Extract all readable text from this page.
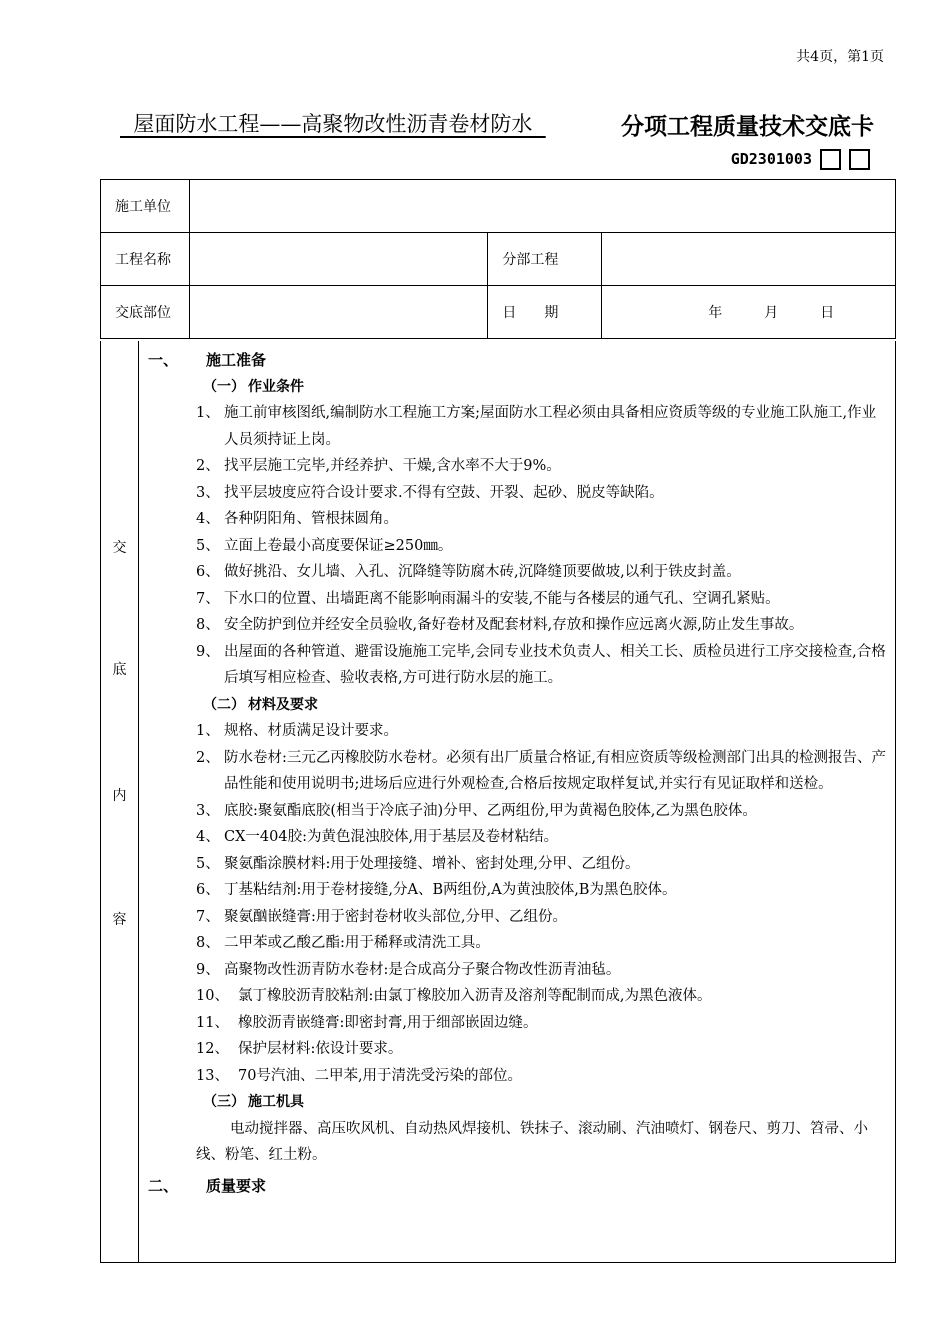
共4页，第1页
屋面防水工程——高聚物改性沥青卷材防水	分项工程质量技术交底卡
GD2301003
施工单位			
工程名称		分部工程	
交底部位		日　　期	年　　　月　　　日
交
底
内
容
一、 施工准备
（一） 作业条件
1、 施工前审核图纸,编制防水工程施工方案;屋面防水工程必须由具备相应资质等级的专业施工队施工,作业人员须持证上岗。
2、 找平层施工完毕,并经养护、干燥,含水率不大于9%。
3、 找平层坡度应符合设计要求.不得有空鼓、开裂、起砂、脱皮等缺陷。
4、 各种阴阳角、管根抹圆角。
5、 立面上卷最小高度要保证≥250㎜。
6、 做好挑沿、女儿墙、入孔、沉降缝等防腐木砖,沉降缝顶要做坡,以利于铁皮封盖。
7、 下水口的位置、出墙距离不能影响雨漏斗的安装,不能与各楼层的通气孔、空调孔紧贴。
8、 安全防护到位并经安全员验收,备好卷材及配套材料,存放和操作应远离火源,防止发生事故。
9、 出屋面的各种管道、避雷设施施工完毕,会同专业技术负责人、相关工长、质检员进行工序交接检查,合格后填写相应检查、验收表格,方可进行防水层的施工。
（二） 材料及要求
1、 规格、材质满足设计要求。
2、 防水卷材:三元乙丙橡胶防水卷材。必须有出厂质量合格证,有相应资质等级检测部门出具的检测报告、产品性能和使用说明书;进场后应进行外观检查,合格后按规定取样复试,并实行有见证取样和送检。
3、 底胶:聚氨酯底胶(相当于冷底子油)分甲、乙两组份,甲为黄褐色胶体,乙为黑色胶体。
4、 CX一404胶:为黄色混浊胶体,用于基层及卷材粘结。
5、 聚氨酯涂膜材料:用于处理接缝、增补、密封处理,分甲、乙组份。
6、 丁基粘结剂:用于卷材接缝,分A、B两组份,A为黄浊胶体,B为黑色胶体。
7、 聚氨酗嵌缝膏:用于密封卷材收头部位,分甲、乙组份。
8、 二甲苯或乙酸乙酯:用于稀释或清洗工具。
9、 高聚物改性沥青防水卷材:是合成高分子聚合物改性沥青油毡。
10、 氯丁橡胶沥青胶粘剂:由氯丁橡胶加入沥青及溶剂等配制而成,为黑色液体。
11、 橡胶沥青嵌缝膏:即密封膏,用于细部嵌固边缝。
12、 保护层材料:依设计要求。
13、 70号汽油、二甲苯,用于清洗受污染的部位。
（三） 施工机具
电动搅拌器、高压吹风机、自动热风焊接机、铁抹子、滚动刷、汽油喷灯、钢卷尺、剪刀、笤帚、小线、粉笔、红土粉。
二、 质量要求
